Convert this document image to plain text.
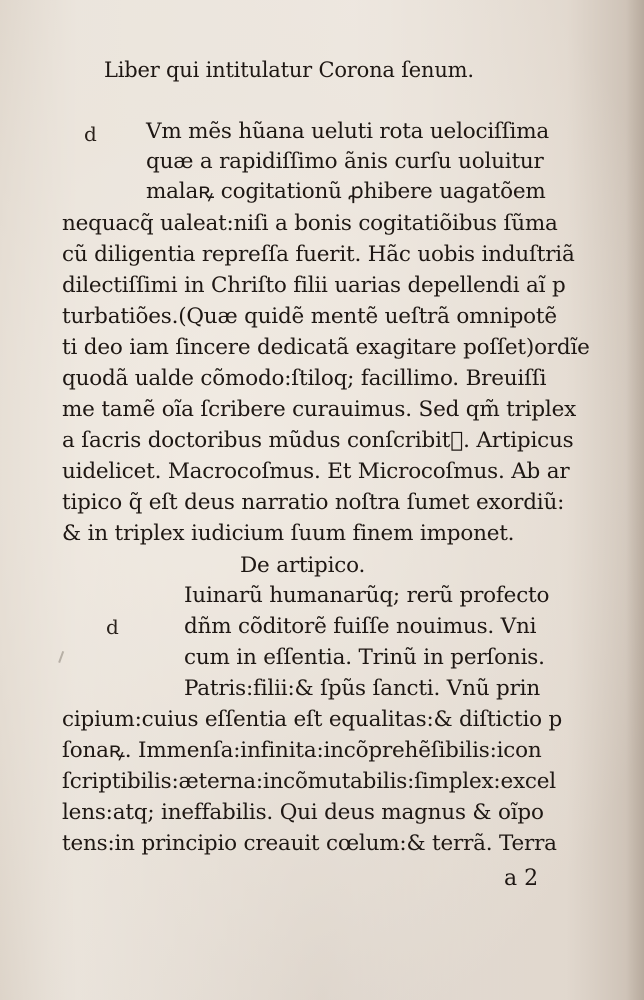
Liber qui intitulatur Corona ſenum.
d Vm mẽs hũana ueluti rota uelociſſima
quæ a rapidiſſimo ãnis curſu uoluitur
malaꝶ cogitationũ ꝓhibere uagatõem
nequacq̃ ualeat:niſi a bonis cogitatiõibus ſũma
cũ diligentia repreſſa fuerit. Hãc uobis induſtriã
dilectiſſimi in Chriſto filii uarias depellendi aĩ p
turbatiões.(Quæ quidẽ mentẽ ueſtrã omnipotẽ
ti deo iam ſincere dedicatã exagitare poſſet)ordĩe
quodã ualde cõmodo:ſtiloq; facillimo. Breuiſſi
me tamẽ oĩa ſcribere curauimus. Sed qm̃ triplex
a ſacris doctoribus mũdus conſcribit᷑. Artipicus
uidelicet. Macrocoſmus. Et Microcoſmus. Ab ar
tipico q̃ eſt deus narratio noſtra ſumet exordiũ:
& in triplex iudicium ſuum finem imponet.
De artipico.
d
Iuinarũ humanarũq; rerũ profecto
dñm cõditorẽ fuiſſe nouimus. Vni
cum in eſſentia. Trinũ in perſonis.
Patris:filii:& ſpũs ſancti. Vnũ prin
cipium:cuius eſſentia eſt equalitas:& diſtictio p
ſonaꝶ. Immenſa:infinita:incõprehẽſibilis:icon
ſcriptibilis:æterna:incõmutabilis:ſimplex:excel
lens:atq; ineffabilis. Qui deus magnus & oĩpo
tens:in principio creauit cœlum:& terrã. Terra
a 2
